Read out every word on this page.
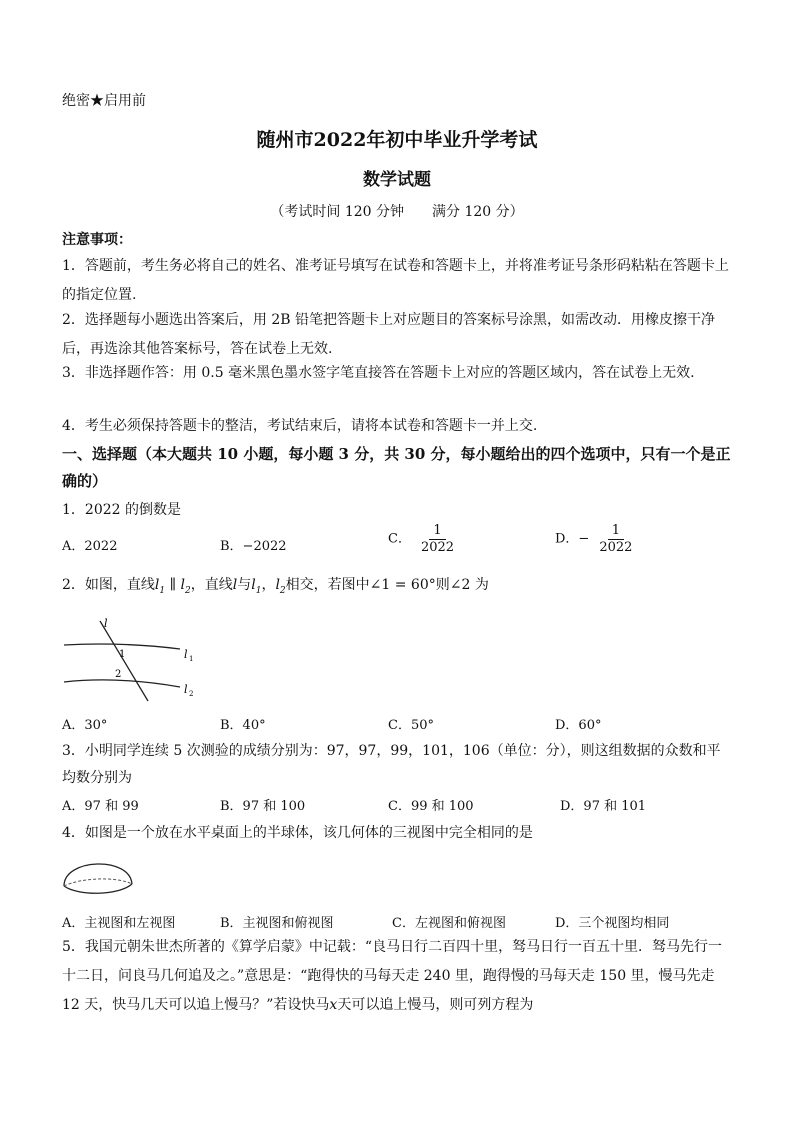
绝密★启用前
随州市2022年初中毕业升学考试
数学试题
（考试时间 120 分钟　　满分 120 分）
注意事项：
1．答题前，考生务必将自己的姓名、准考证号填写在试卷和答题卡上，并将准考证号条形码粘粘在答题卡上的指定位置.
2．选择题每小题选出答案后，用 2B 铅笔把答题卡上对应题目的答案标号涂黑，如需改动．用橡皮擦干净后，再选涂其他答案标号，答在试卷上无效.
3．非选择题作答：用 0.5 毫米黑色墨水签字笔直接答在答题卡上对应的答题区域内，答在试卷上无效.
4．考生必须保持答题卡的整洁，考试结束后，请将本试卷和答题卡一并上交.
一、选择题（本大题共 10 小题，每小题 3 分，共 30 分，每小题给出的四个选项中，只有一个是正确的）
1．2022 的倒数是
A．2022	B．−2022	C． $\frac{1}{2022}$	D．− $\frac{1}{2022}$
2．如图，直线$l_1$ ∥ $l_2$，直线l与$l_1$，$l_2$相交，若图中∠1 = 60°则∠2 为
l
1
2
l 1
l 2
A．30°	B．40°	C．50°	D．60°
3．小明同学连续 5 次测验的成绩分别为：97，97，99，101，106（单位：分），则这组数据的众数和平均数分别为
A．97 和 99	B．97 和 100	C．99 和 100	D．97 和 101
4．如图是一个放在水平桌面上的半球体，该几何体的三视图中完全相同的是
A．主视图和左视图	B．主视图和俯视图	C．左视图和俯视图	D．三个视图均相同
5．我国元朝朱世杰所著的《算学启蒙》中记载：“良马日行二百四十里，驽马日行一百五十里．驽马先行一十二日，问良马几何追及之。”意思是：“跑得快的马每天走 240 里，跑得慢的马每天走 150 里，慢马先走 12 天，快马几天可以追上慢马？”若设快马x天可以追上慢马，则可列方程为
